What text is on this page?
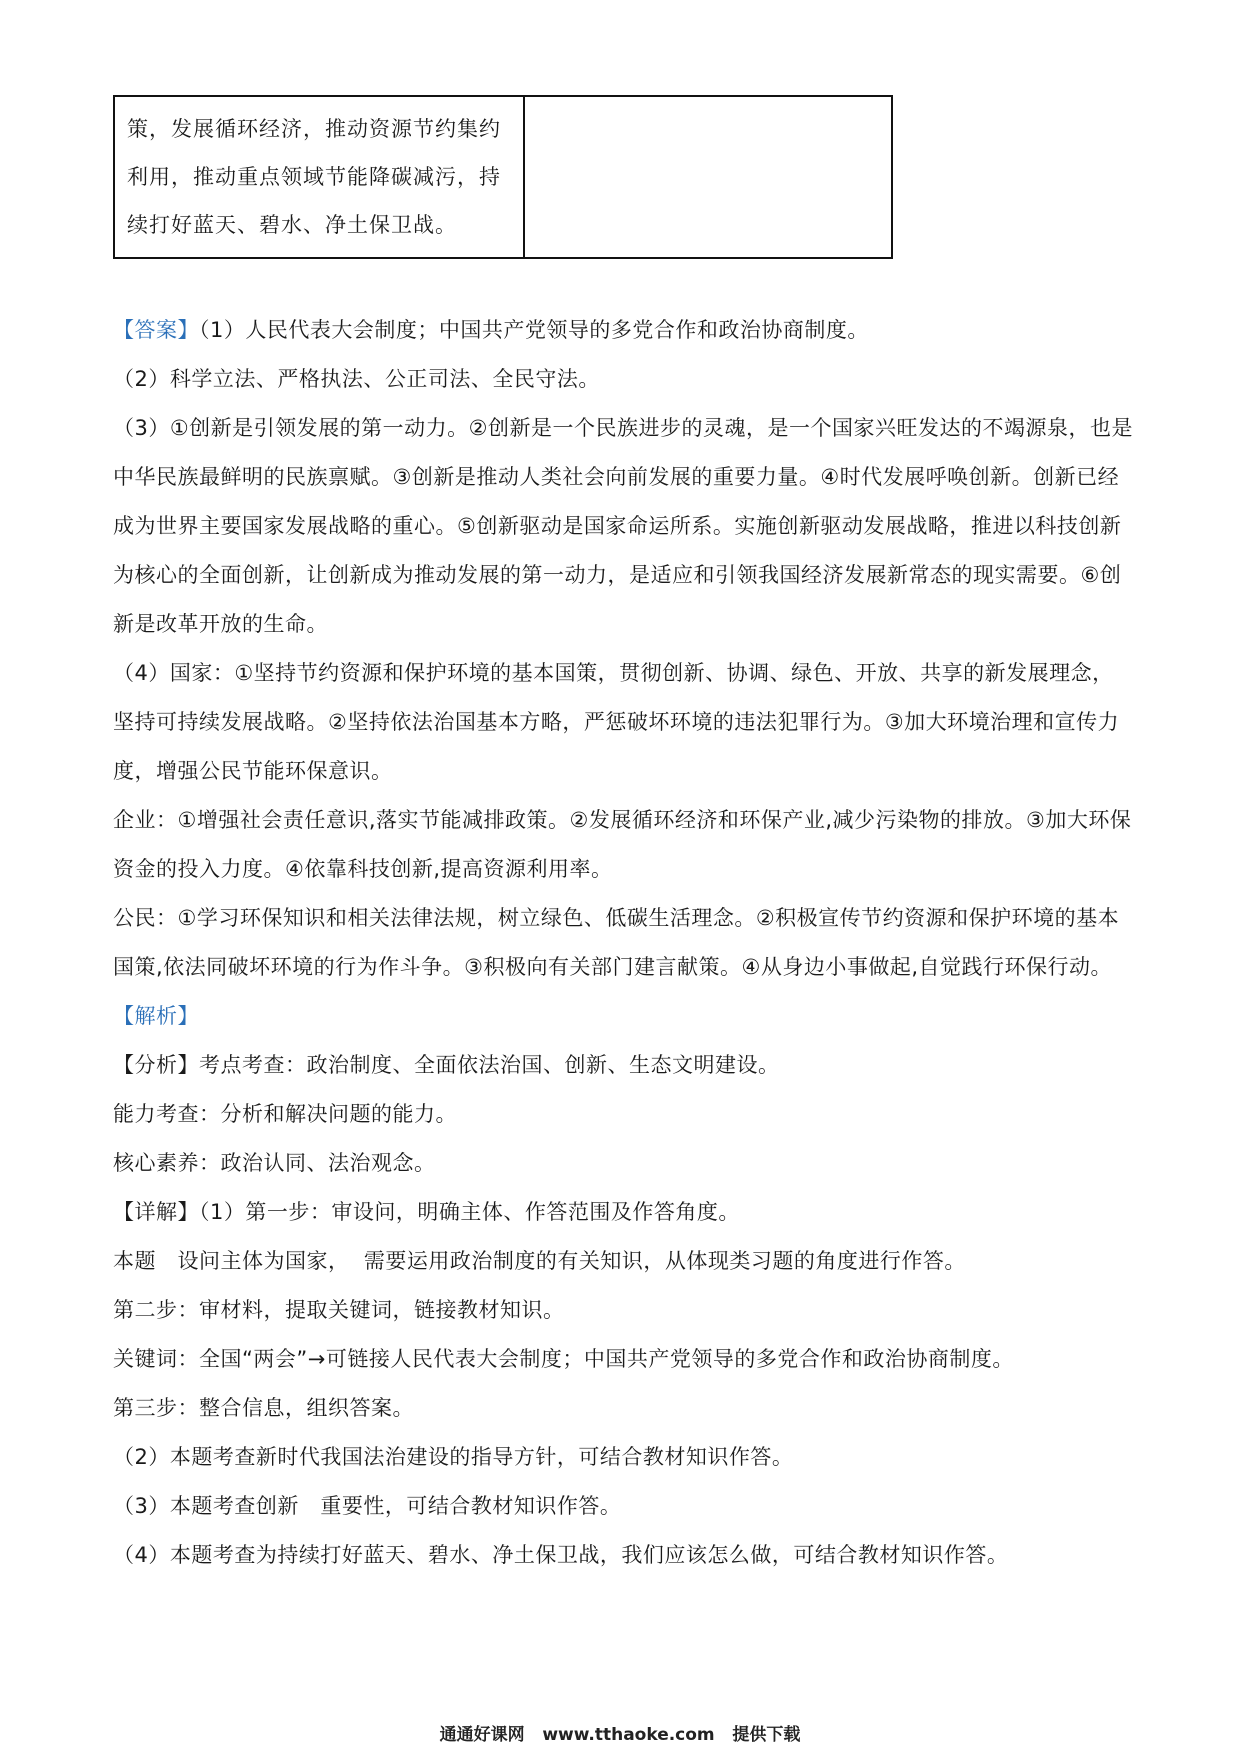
策，发展循环经济，推动资源节约集约利用，推动重点领域节能降碳减污，持续打好蓝天、碧水、净土保卫战。

【答案】（1）人民代表大会制度；中国共产党领导的多党合作和政治协商制度。

（2）科学立法、严格执法、公正司法、全民守法。

（3）①创新是引领发展的第一动力。②创新是一个民族进步的灵魂，是一个国家兴旺发达的不竭源泉，也是中华民族最鲜明的民族禀赋。③创新是推动人类社会向前发展的重要力量。④时代发展呼唤创新。创新已经成为世界主要国家发展战略的重心。⑤创新驱动是国家命运所系。实施创新驱动发展战略，推进以科技创新为核心的全面创新，让创新成为推动发展的第一动力，是适应和引领我国经济发展新常态的现实需要。⑥创新是改革开放的生命。

（4）国家：①坚持节约资源和保护环境的基本国策，贯彻创新、协调、绿色、开放、共享的新发展理念，坚持可持续发展战略。②坚持依法治国基本方略，严惩破坏环境的违法犯罪行为。③加大环境治理和宣传力度，增强公民节能环保意识。

企业：①增强社会责任意识,落实节能减排政策。②发展循环经济和环保产业,减少污染物的排放。③加大环保资金的投入力度。④依靠科技创新,提高资源利用率。

公民：①学习环保知识和相关法律法规，树立绿色、低碳生活理念。②积极宣传节约资源和保护环境的基本国策,依法同破坏环境的行为作斗争。③积极向有关部门建言献策。④从身边小事做起,自觉践行环保行动。

【解析】

【分析】考点考查：政治制度、全面依法治国、创新、生态文明建设。

能力考查：分析和解决问题的能力。

核心素养：政治认同、法治观念。

【详解】（1）第一步：审设问，明确主体、作答范围及作答角度。

本题   设问主体为国家，  需要运用政治制度的有关知识，从体现类习题的角度进行作答。

第二步：审材料，提取关键词，链接教材知识。

关键词：全国“两会”→可链接人民代表大会制度；中国共产党领导的多党合作和政治协商制度。

第三步：整合信息，组织答案。

（2）本题考查新时代我国法治建设的指导方针，可结合教材知识作答。

（3）本题考查创新   重要性，可结合教材知识作答。

（4）本题考查为持续打好蓝天、碧水、净土保卫战，我们应该怎么做，可结合教材知识作答。

通通好课网   www.tthaoke.com   提供下载
